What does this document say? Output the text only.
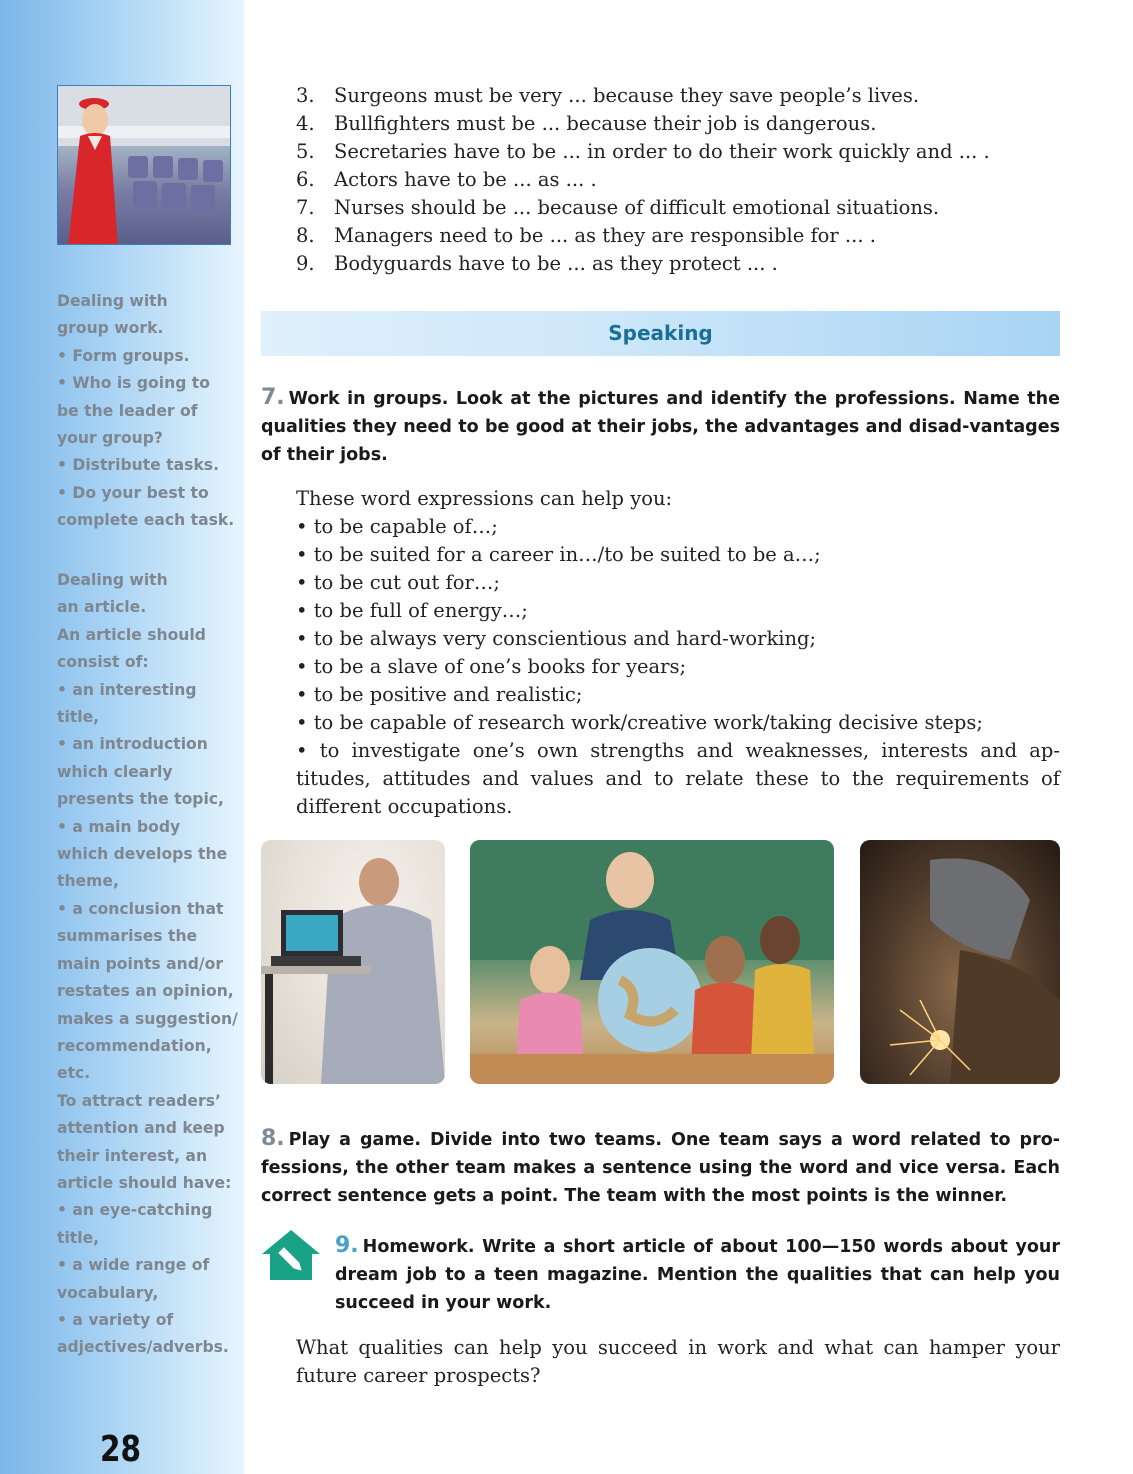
Dealing with

group work.

• Form groups.

• Who is going to

be the leader of

your group?

• Distribute tasks.

• Do your best to

complete each task.

Dealing with

an article.

An article should

consist of:

• an interesting

title,

• an introduction

which clearly

presents the topic,

• a main body

which develops the

theme,

• a conclusion that

summarises the

main points and/or

restates an opinion,

makes a suggestion/

recommendation, etc.

To attract readers’

attention and keep

their interest, an

article should have:

• an eye-catching

title,

• a wide range of

vocabulary,

• a variety of

adjectives/adverbs.

28
3. Surgeons must be very ... because they save people’s lives.
4. Bullfighters must be ... because their job is dangerous.
5. Secretaries have to be ... in order to do their work quickly and ... .
6. Actors have to be ... as ... .
7. Nurses should be ... because of difficult emotional situations.
8. Managers need to be ... as they are responsible for ... .
9. Bodyguards have to be ... as they protect ... .
Speaking

7. Work in groups. Look at the pictures and identify the professions. Name the qualities they need to be good at their jobs, the advantages and disad-vantages of their jobs.

These word expressions can help you:

• to be capable of…;

• to be suited for a career in…/to be suited to be a…;

• to be cut out for…;

• to be full of energy…;

• to be always very conscientious and hard-working;

• to be a slave of one’s books for years;

• to be positive and realistic;

• to be capable of research work/creative work/taking decisive steps;

• to investigate one’s own strengths and weaknesses, interests and ap-titudes, attitudes and values and to relate these to the requirements of different occupations.

8. Play a game. Divide into two teams. One team says a word related to pro-fessions, the other team makes a sentence using the word and vice versa. Each correct sentence gets a point. The team with the most points is the winner.

9. Homework. Write a short article of about 100—150 words about your dream job to a teen magazine. Mention the qualities that can help you succeed in your work.

What qualities can help you succeed in work and what can hamper your future career prospects?
